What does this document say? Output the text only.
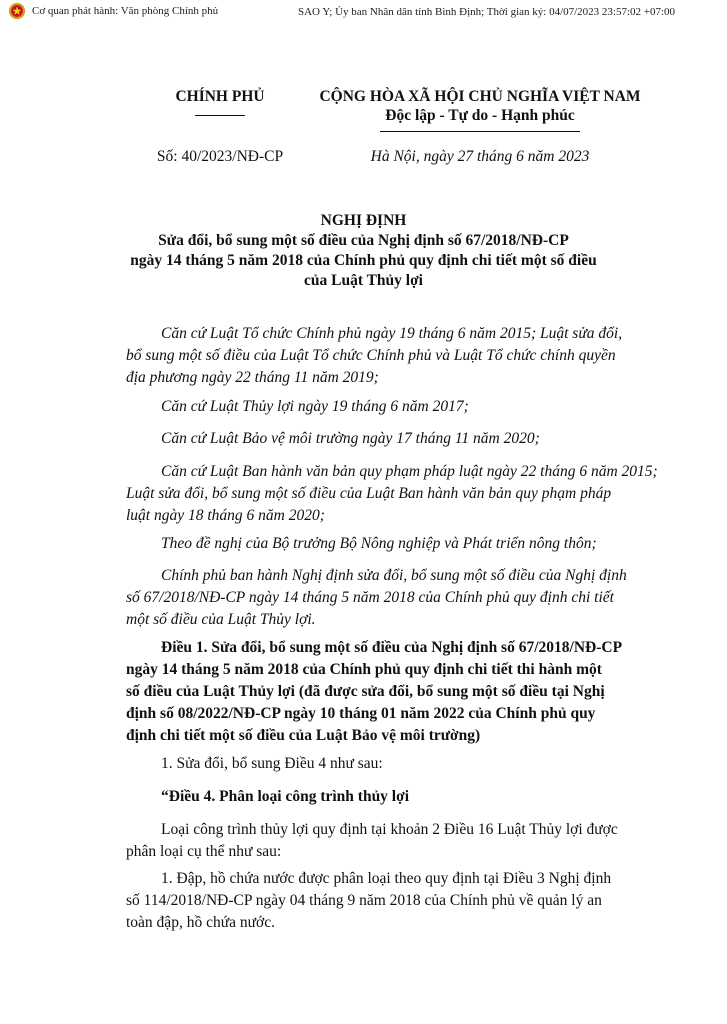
Cơ quan phát hành: Văn phòng Chính phủ	SAO Y; Ủy ban Nhân dân tỉnh Bình Định; Thời gian ký: 04/07/2023 23:57:02 +07:00
CHÍNH PHỦ	CỘNG HÒA XÃ HỘI CHỦ NGHĨA VIỆT NAM
Độc lập - Tự do - Hạnh phúc
Số: 40/2023/NĐ-CP	Hà Nội, ngày 27 tháng 6 năm 2023
NGHỊ ĐỊNH
Sửa đổi, bổ sung một số điều của Nghị định số 67/2018/NĐ-CP
ngày 14 tháng 5 năm 2018 của Chính phủ quy định chi tiết một số điều
của Luật Thủy lợi
Căn cứ Luật Tổ chức Chính phủ ngày 19 tháng 6 năm 2015; Luật sửa đổi,
bổ sung một số điều của Luật Tổ chức Chính phủ và Luật Tổ chức chính quyền
địa phương ngày 22 tháng 11 năm 2019;
Căn cứ Luật Thủy lợi ngày 19 tháng 6 năm 2017;
Căn cứ Luật Bảo vệ môi trường ngày 17 tháng 11 năm 2020;
Căn cứ Luật Ban hành văn bản quy phạm pháp luật ngày 22 tháng 6 năm 2015;
Luật sửa đổi, bổ sung một số điều của Luật Ban hành văn bản quy phạm pháp
luật ngày 18 tháng 6 năm 2020;
Theo đề nghị của Bộ trưởng Bộ Nông nghiệp và Phát triển nông thôn;
Chính phủ ban hành Nghị định sửa đổi, bổ sung một số điều của Nghị định
số 67/2018/NĐ-CP ngày 14 tháng 5 năm 2018 của Chính phủ quy định chi tiết
một số điều của Luật Thủy lợi.
Điều 1. Sửa đổi, bổ sung một số điều của Nghị định số 67/2018/NĐ-CP
ngày 14 tháng 5 năm 2018 của Chính phủ quy định chi tiết thi hành một
số điều của Luật Thủy lợi (đã được sửa đổi, bổ sung một số điều tại Nghị
định số 08/2022/NĐ-CP ngày 10 tháng 01 năm 2022 của Chính phủ quy
định chi tiết một số điều của Luật Bảo vệ môi trường)
1. Sửa đổi, bổ sung Điều 4 như sau:
“Điều 4. Phân loại công trình thủy lợi
Loại công trình thủy lợi quy định tại khoản 2 Điều 16 Luật Thủy lợi được
phân loại cụ thể như sau:
1. Đập, hồ chứa nước được phân loại theo quy định tại Điều 3 Nghị định
số 114/2018/NĐ-CP ngày 04 tháng 9 năm 2018 của Chính phủ về quản lý an
toàn đập, hồ chứa nước.
